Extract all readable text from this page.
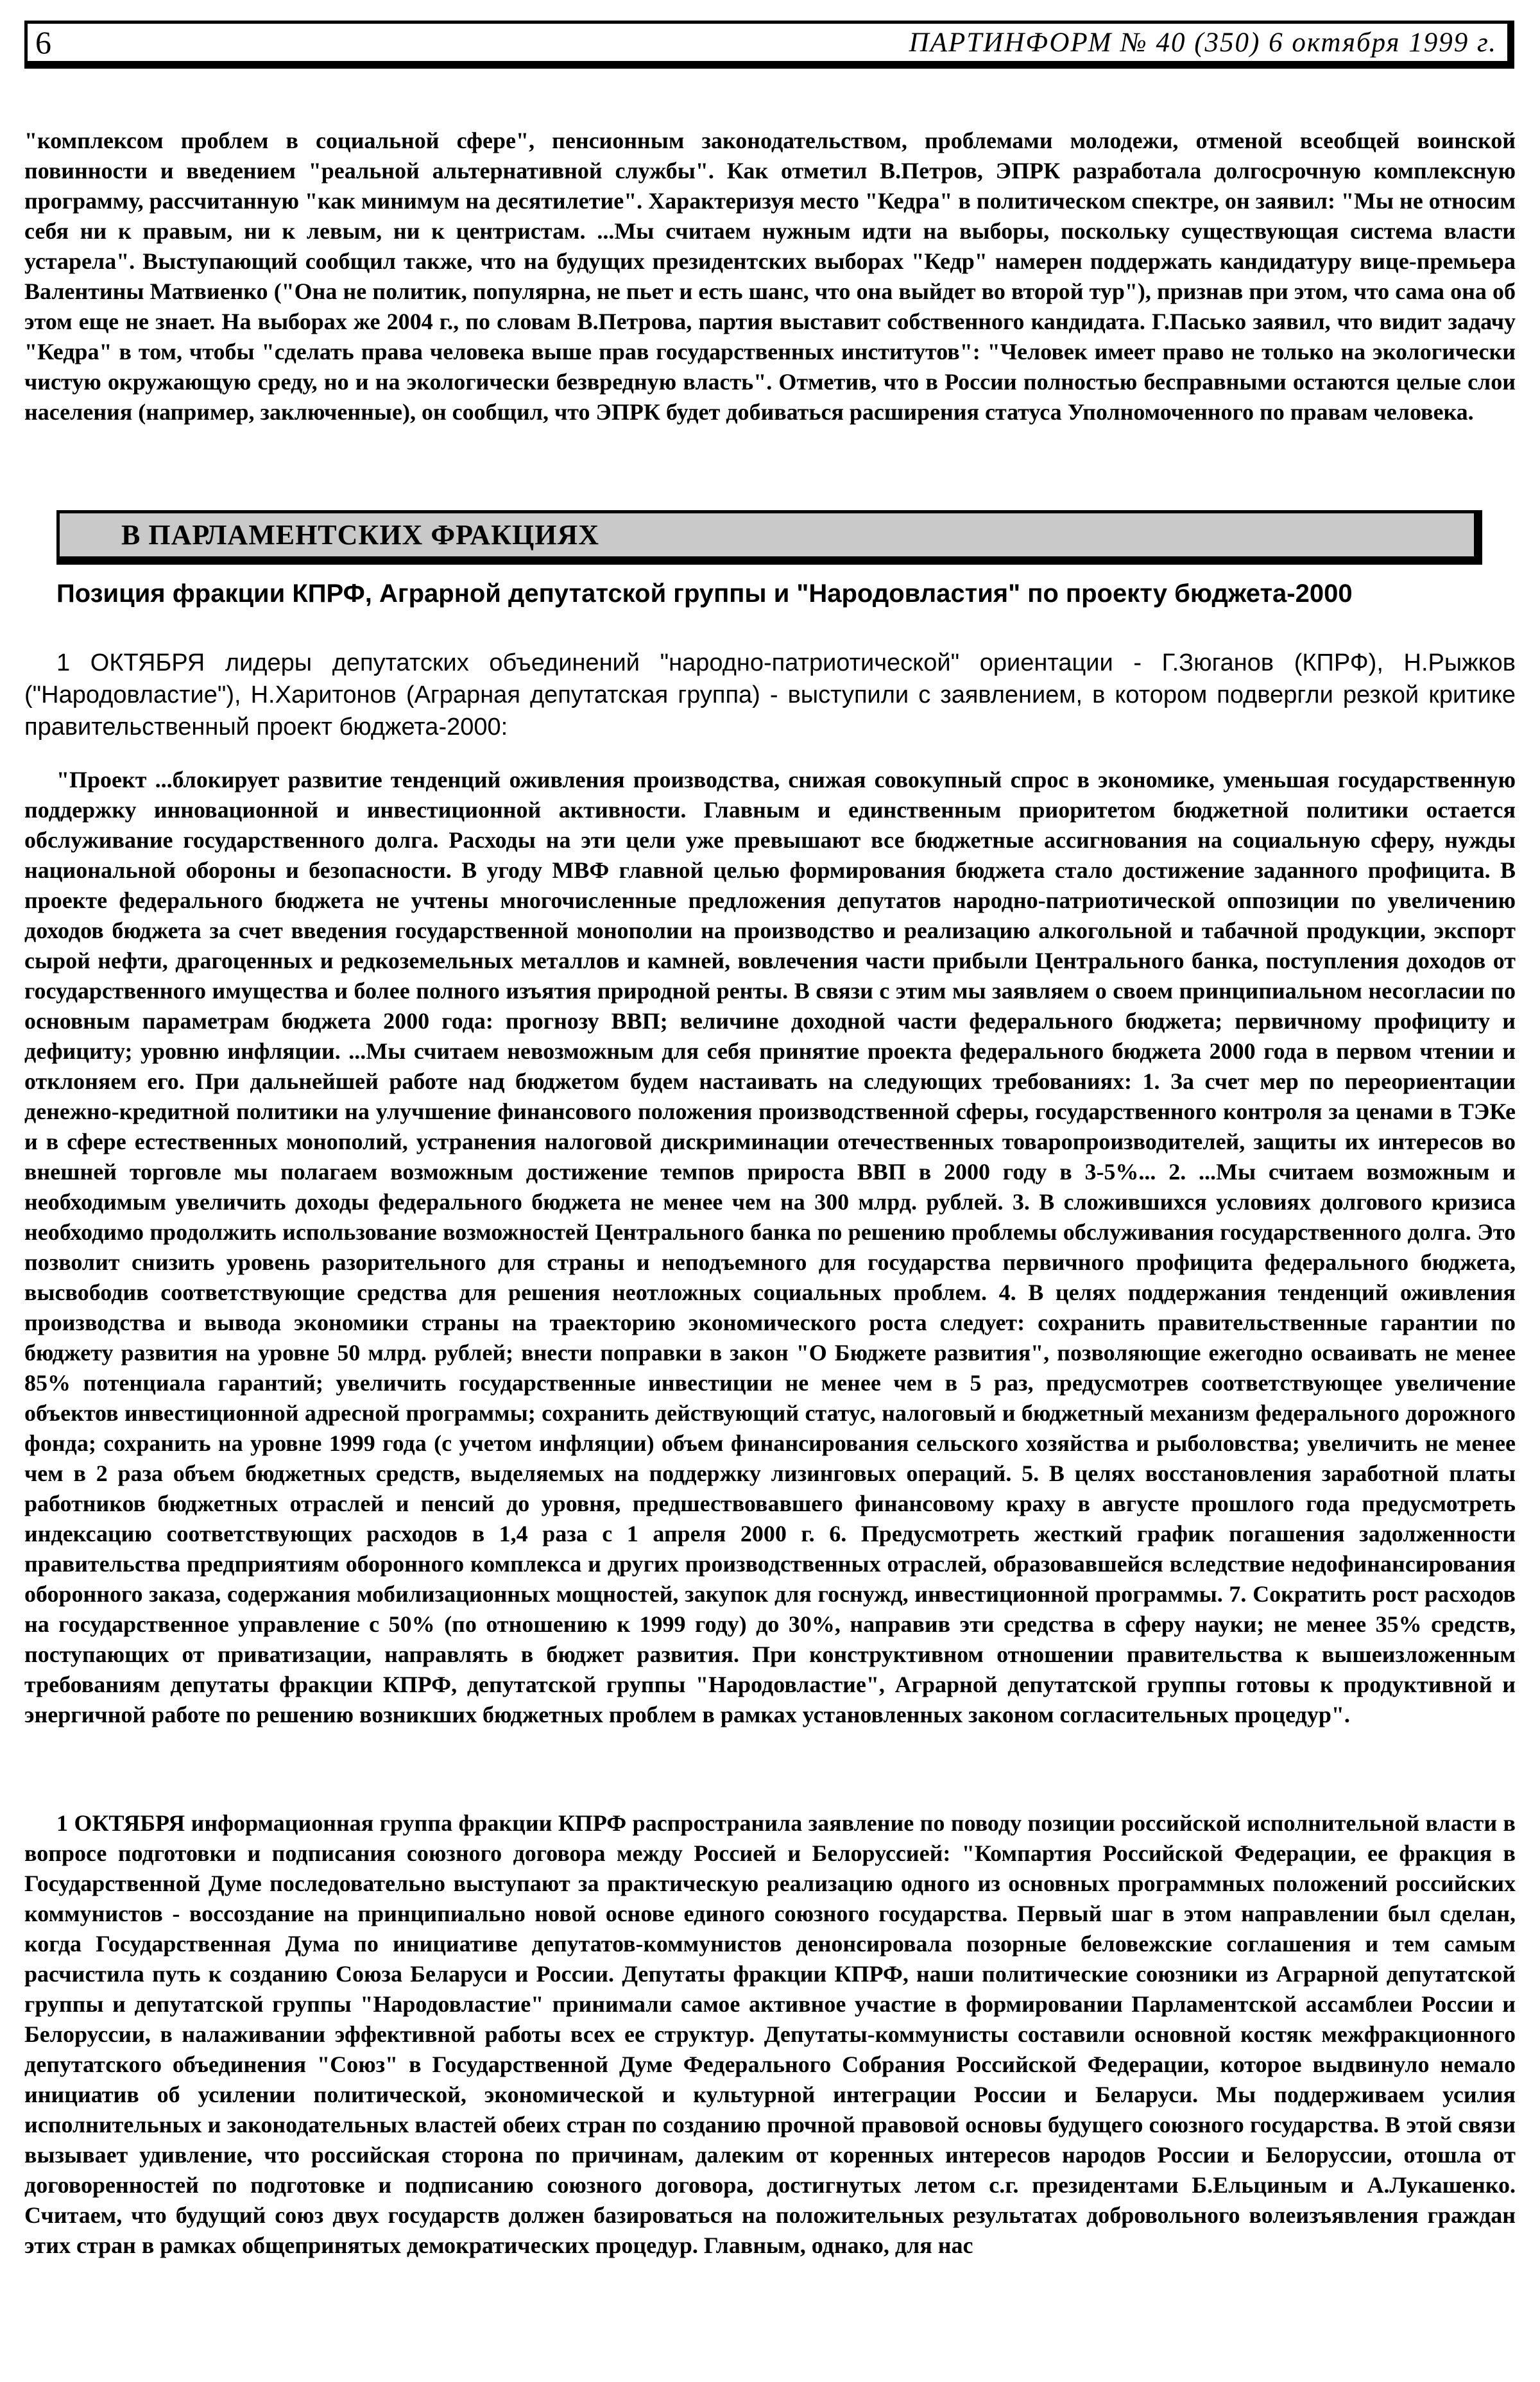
6	ПАРТИНФОРМ № 40 (350) 6 октября 1999 г.

"комплексом проблем в социальной сфере", пенсионным законодательством, проблемами молодежи, отменой всеобщей воинской повинности и введением "реальной альтернативной службы". Как отметил В.Петров, ЭПРК разработала долгосрочную комплексную программу, рассчитанную "как минимум на десятилетие". Характеризуя место "Кедра" в политическом спектре, он заявил: "Мы не относим себя ни к правым, ни к левым, ни к центристам. ...Мы считаем нужным идти на выборы, поскольку существующая система власти устарела". Выступающий сообщил также, что на будущих президентских выборах "Кедр" намерен поддержать кандидатуру вице-премьера Валентины Матвиенко ("Она не политик, популярна, не пьет и есть шанс, что она выйдет во второй тур"), признав при этом, что сама она об этом еще не знает. На выборах же 2004 г., по словам В.Петрова, партия выставит собственного кандидата. Г.Пасько заявил, что видит задачу "Кедра" в том, чтобы "сделать права человека выше прав государственных институтов": "Человек имеет право не только на экологически чистую окружающую среду, но и на экологически безвредную власть". Отметив, что в России полностью бесправными остаются целые слои населения (например, заключенные), он сообщил, что ЭПРК будет добиваться расширения статуса Уполномоченного по правам человека.

В ПАРЛАМЕНТСКИХ ФРАКЦИЯХ
Позиция фракции КПРФ, Аграрной депутатской группы и "Народовластия" по проекту бюджета-2000

1 ОКТЯБРЯ лидеры депутатских объединений "народно-патриотической" ориентации - Г.Зюганов (КПРФ), Н.Рыжков ("Народовластие"), Н.Харитонов (Аграрная депутатская группа) - выступили с заявлением, в котором подвергли резкой критике правительственный проект бюджета-2000:

"Проект ...блокирует развитие тенденций оживления производства, снижая совокупный спрос в экономике, уменьшая государственную поддержку инновационной и инвестиционной активности. Главным и единственным приоритетом бюджетной политики остается обслуживание государственного долга. Расходы на эти цели уже превышают все бюджетные ассигнования на социальную сферу, нужды национальной обороны и безопасности. В угоду МВФ главной целью формирования бюджета стало достижение заданного профицита. В проекте федерального бюджета не учтены многочисленные предложения депутатов народно-патриотической оппозиции по увеличению доходов бюджета за счет введения государственной монополии на производство и реализацию алкогольной и табачной продукции, экспорт сырой нефти, драгоценных и редкоземельных металлов и камней, вовлечения части прибыли Центрального банка, поступления доходов от государственного имущества и более полного изъятия природной ренты. В связи с этим мы заявляем о своем принципиальном несогласии по основным параметрам бюджета 2000 года: прогнозу ВВП; величине доходной части федерального бюджета; первичному профициту и дефициту; уровню инфляции. ...Мы считаем невозможным для себя принятие проекта федерального бюджета 2000 года в первом чтении и отклоняем его. При дальнейшей работе над бюджетом будем настаивать на следующих требованиях: 1. За счет мер по переориентации денежно-кредитной политики на улучшение финансового положения производственной сферы, государственного контроля за ценами в ТЭКе и в сфере естественных монополий, устранения налоговой дискриминации отечественных товаропроизводителей, защиты их интересов во внешней торговле мы полагаем возможным достижение темпов прироста ВВП в 2000 году в 3-5%... 2. ...Мы считаем возможным и необходимым увеличить доходы федерального бюджета не менее чем на 300 млрд. рублей. 3. В сложившихся условиях долгового кризиса необходимо продолжить использование возможностей Центрального банка по решению проблемы обслуживания государственного долга. Это позволит снизить уровень разорительного для страны и неподъемного для государства первичного профицита федерального бюджета, высвободив соответствующие средства для решения неотложных социальных проблем. 4. В целях поддержания тенденций оживления производства и вывода экономики страны на траекторию экономического роста следует: сохранить правительственные гарантии по бюджету развития на уровне 50 млрд. рублей; внести поправки в закон "О Бюджете развития", позволяющие ежегодно осваивать не менее 85% потенциала гарантий; увеличить государственные инвестиции не менее чем в 5 раз, предусмотрев соответствующее увеличение объектов инвестиционной адресной программы; сохранить действующий статус, налоговый и бюджетный механизм федерального дорожного фонда; сохранить на уровне 1999 года (с учетом инфляции) объем финансирования сельского хозяйства и рыболовства; увеличить не менее чем в 2 раза объем бюджетных средств, выделяемых на поддержку лизинговых операций. 5. В целях восстановления заработной платы работников бюджетных отраслей и пенсий до уровня, предшествовавшего финансовому краху в августе прошлого года предусмотреть индексацию соответствующих расходов в 1,4 раза с 1 апреля 2000 г. 6. Предусмотреть жесткий график погашения задолженности правительства предприятиям оборонного комплекса и других производственных отраслей, образовавшейся вследствие недофинансирования оборонного заказа, содержания мобилизационных мощностей, закупок для госнужд, инвестиционной программы. 7. Сократить рост расходов на государственное управление с 50% (по отношению к 1999 году) до 30%, направив эти средства в сферу науки; не менее 35% средств, поступающих от приватизации, направлять в бюджет развития. При конструктивном отношении правительства к вышеизложенным требованиям депутаты фракции КПРФ, депутатской группы "Народовластие", Аграрной депутатской группы готовы к продуктивной и энергичной работе по решению возникших бюджетных проблем в рамках установленных законом согласительных процедур".

1 ОКТЯБРЯ информационная группа фракции КПРФ распространила заявление по поводу позиции российской исполнительной власти в вопросе подготовки и подписания союзного договора между Россией и Белоруссией: "Компартия Российской Федерации, ее фракция в Государственной Думе последовательно выступают за практическую реализацию одного из основных программных положений российских коммунистов - воссоздание на принципиально новой основе единого союзного государства. Первый шаг в этом направлении был сделан, когда Государственная Дума по инициативе депутатов-коммунистов денонсировала позорные беловежские соглашения и тем самым расчистила путь к созданию Союза Беларуси и России. Депутаты фракции КПРФ, наши политические союзники из Аграрной депутатской группы и депутатской группы "Народовластие" принимали самое активное участие в формировании Парламентской ассамблеи России и Белоруссии, в налаживании эффективной работы всех ее структур. Депутаты-коммунисты составили основной костяк межфракционного депутатского объединения "Союз" в Государственной Думе Федерального Собрания Российской Федерации, которое выдвинуло немало инициатив об усилении политической, экономической и культурной интеграции России и Беларуси. Мы поддерживаем усилия исполнительных и законодательных властей обеих стран по созданию прочной правовой основы будущего союзного государства. В этой связи вызывает удивление, что российская сторона по причинам, далеким от коренных интересов народов России и Белоруссии, отошла от договоренностей по подготовке и подписанию союзного договора, достигнутых летом с.г. президентами Б.Ельциным и А.Лукашенко. Считаем, что будущий союз двух государств должен базироваться на положительных результатах добровольного волеизъявления граждан этих стран в рамках общепринятых демократических процедур. Главным, однако, для нас
